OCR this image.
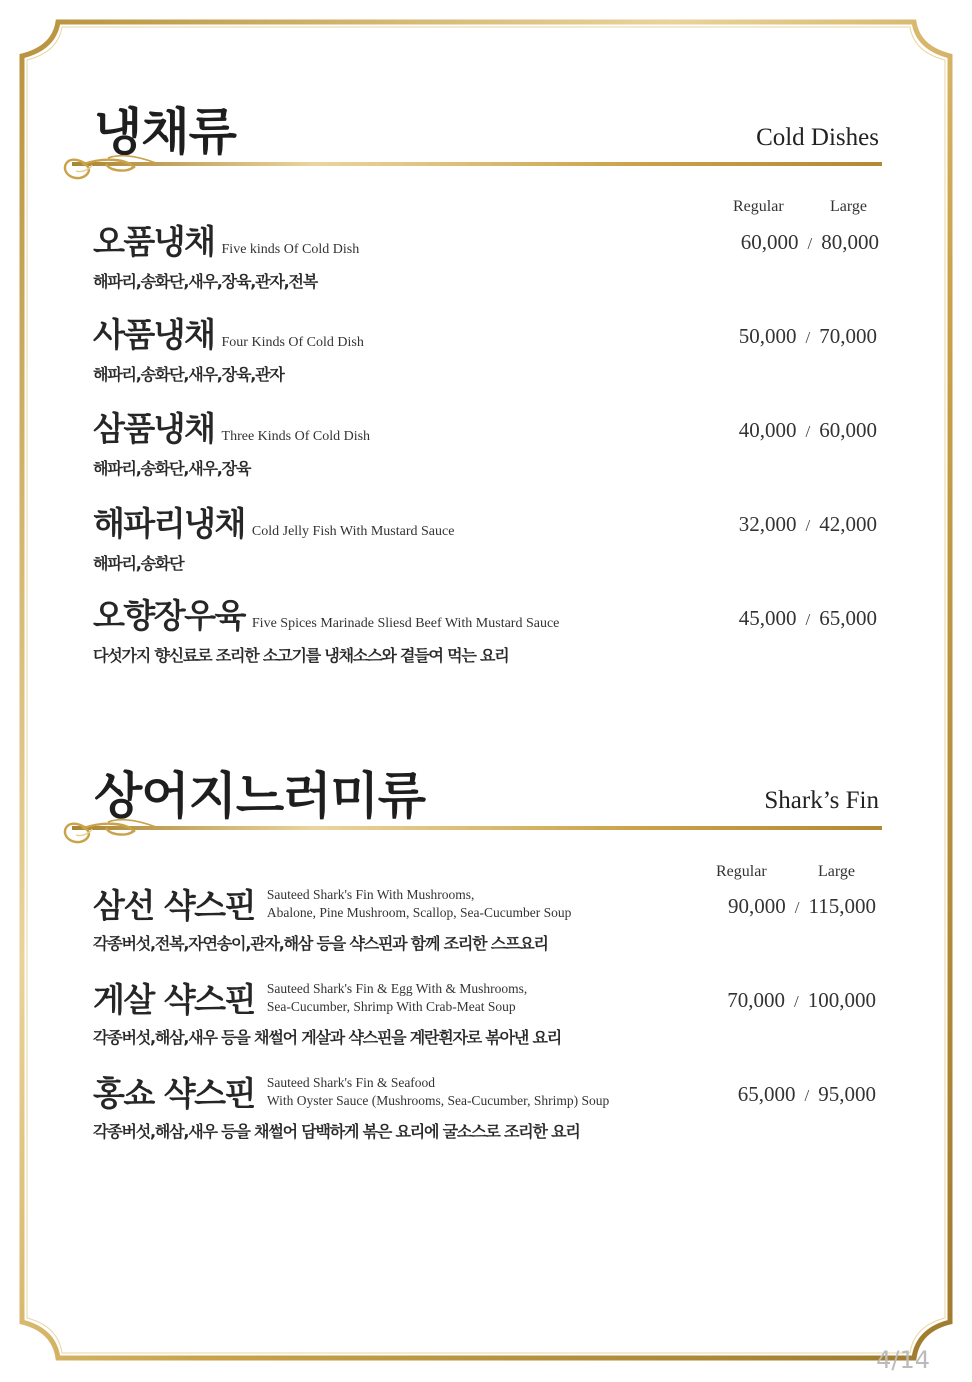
냉채류	Cold Dishes
Regular	Large
오품냉채 Five kinds Of Cold Dish
해파리,송화단,새우,장육,관자,전복
60,000 / 80,000
사품냉채 Four Kinds Of Cold Dish
해파리,송화단,새우,장육,관자
50,000 / 70,000
삼품냉채 Three Kinds Of Cold Dish
해파리,송화단,새우,장육
40,000 / 60,000
해파리냉채 Cold Jelly Fish With Mustard Sauce
해파리,송화단
32,000 / 42,000
오향장우육 Five Spices Marinade Sliesd Beef With Mustard Sauce
다섯가지 향신료로 조리한 소고기를 냉채소스와 곁들여 먹는 요리
45,000 / 65,000
상어지느러미류	Shark’s Fin
Regular	Large
삼선 샥스핀 Sauteed Shark's Fin With Mushrooms,
Abalone, Pine Mushroom, Scallop, Sea-Cucumber Soup
각종버섯,전복,자연송이,관자,해삼 등을 샥스핀과 함께 조리한 스프요리
90,000 / 115,000
게살 샥스핀 Sauteed Shark's Fin & Egg With & Mushrooms,
Sea-Cucumber, Shrimp With Crab-Meat Soup
각종버섯,해삼,새우 등을 채썰어 게살과 샥스핀을 계란흰자로 볶아낸 요리
70,000 / 100,000
홍쇼 샥스핀 Sauteed Shark's Fin & Seafood
With Oyster Sauce (Mushrooms, Sea-Cucumber, Shrimp) Soup
각종버섯,해삼,새우 등을 채썰어 담백하게 볶은 요리에 굴소스로 조리한 요리
65,000 / 95,000
4/14
